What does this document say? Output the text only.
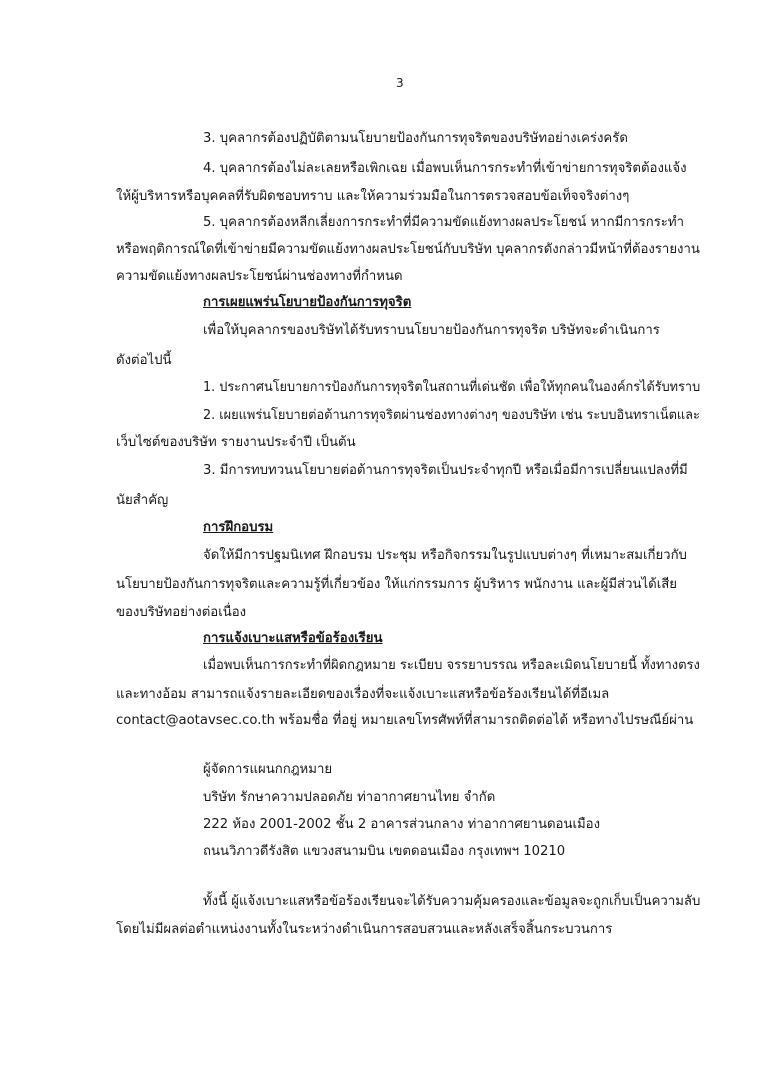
3
3. บุคลากรต้องปฏิบัติตามนโยบายป้องกันการทุจริตของบริษัทอย่างเคร่งครัด
4. บุคลากรต้องไม่ละเลยหรือเพิกเฉย เมื่อพบเห็นการกระทำที่เข้าข่ายการทุจริตต้องแจ้ง
ให้ผู้บริหารหรือบุคคลที่รับผิดชอบทราบ และให้ความร่วมมือในการตรวจสอบข้อเท็จจริงต่างๆ
5. บุคลากรต้องหลีกเลี่ยงการกระทำที่มีความขัดแย้งทางผลประโยชน์ หากมีการกระทำ
หรือพฤติการณ์ใดที่เข้าข่ายมีความขัดแย้งทางผลประโยชน์กับบริษัท บุคลากรดังกล่าวมีหน้าที่ต้องรายงาน
ความขัดแย้งทางผลประโยชน์ผ่านช่องทางที่กำหนด
การเผยแพร่นโยบายป้องกันการทุจริต
เพื่อให้บุคลากรของบริษัทได้รับทราบนโยบายป้องกันการทุจริต บริษัทจะดำเนินการ
ดังต่อไปนี้
1. ประกาศนโยบายการป้องกันการทุจริตในสถานที่เด่นชัด เพื่อให้ทุกคนในองค์กรได้รับทราบ
2. เผยแพร่นโยบายต่อต้านการทุจริตผ่านช่องทางต่างๆ ของบริษัท เช่น ระบบอินทราเน็ตและ
เว็บไซต์ของบริษัท รายงานประจำปี เป็นต้น
3. มีการทบทวนนโยบายต่อต้านการทุจริตเป็นประจำทุกปี หรือเมื่อมีการเปลี่ยนแปลงที่มี
นัยสำคัญ
การฝึกอบรม
จัดให้มีการปฐมนิเทศ ฝึกอบรม ประชุม หรือกิจกรรมในรูปแบบต่างๆ ที่เหมาะสมเกี่ยวกับ
นโยบายป้องกันการทุจริตและความรู้ที่เกี่ยวข้อง ให้แก่กรรมการ ผู้บริหาร พนักงาน และผู้มีส่วนได้เสีย
ของบริษัทอย่างต่อเนื่อง
การแจ้งเบาะแสหรือข้อร้องเรียน
เมื่อพบเห็นการกระทำที่ผิดกฎหมาย ระเบียบ จรรยาบรรณ หรือละเมิดนโยบายนี้ ทั้งทางตรง
และทางอ้อม สามารถแจ้งรายละเอียดของเรื่องที่จะแจ้งเบาะแสหรือข้อร้องเรียนได้ที่อีเมล
contact@aotavsec.co.th พร้อมชื่อ ที่อยู่ หมายเลขโทรศัพท์ที่สามารถติดต่อได้ หรือทางไปรษณีย์ผ่าน
ผู้จัดการแผนกกฎหมาย
บริษัท รักษาความปลอดภัย ท่าอากาศยานไทย จำกัด
222 ห้อง 2001-2002 ชั้น 2 อาคารส่วนกลาง ท่าอากาศยานดอนเมือง
ถนนวิภาวดีรังสิต แขวงสนามบิน เขตดอนเมือง กรุงเทพฯ 10210
ทั้งนี้ ผู้แจ้งเบาะแสหรือข้อร้องเรียนจะได้รับความคุ้มครองและข้อมูลจะถูกเก็บเป็นความลับ
โดยไม่มีผลต่อตำแหน่งงานทั้งในระหว่างดำเนินการสอบสวนและหลังเสร็จสิ้นกระบวนการ
